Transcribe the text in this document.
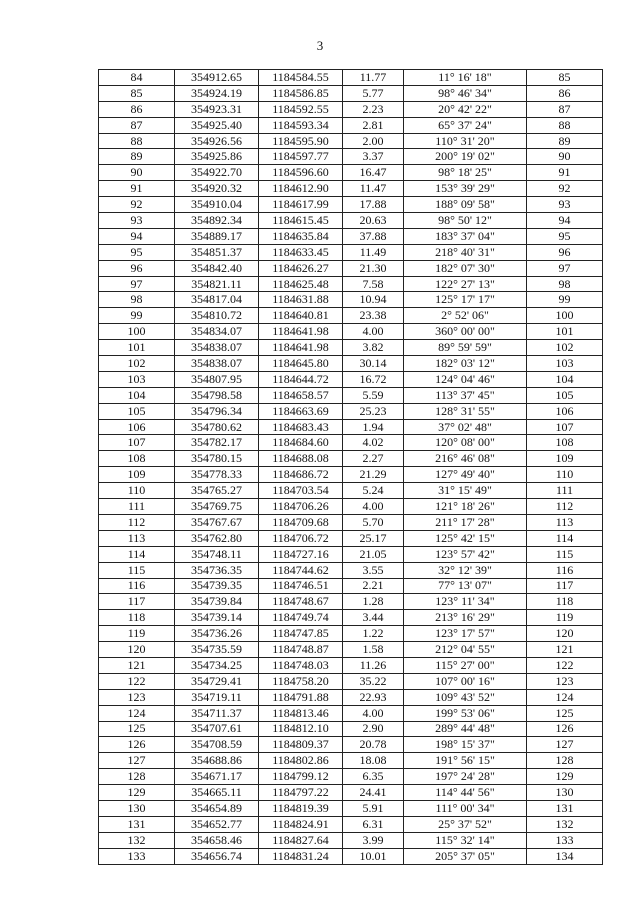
3
84	354912.65	1184584.55	11.77	11° 16' 18"	85
85	354924.19	1184586.85	5.77	98° 46' 34"	86
86	354923.31	1184592.55	2.23	20° 42' 22"	87
87	354925.40	1184593.34	2.81	65° 37' 24"	88
88	354926.56	1184595.90	2.00	110° 31' 20"	89
89	354925.86	1184597.77	3.37	200° 19' 02"	90
90	354922.70	1184596.60	16.47	98° 18' 25"	91
91	354920.32	1184612.90	11.47	153° 39' 29"	92
92	354910.04	1184617.99	17.88	188° 09' 58"	93
93	354892.34	1184615.45	20.63	98° 50' 12"	94
94	354889.17	1184635.84	37.88	183° 37' 04"	95
95	354851.37	1184633.45	11.49	218° 40' 31"	96
96	354842.40	1184626.27	21.30	182° 07' 30"	97
97	354821.11	1184625.48	7.58	122° 27' 13"	98
98	354817.04	1184631.88	10.94	125° 17' 17"	99
99	354810.72	1184640.81	23.38	2° 52' 06"	100
100	354834.07	1184641.98	4.00	360° 00' 00"	101
101	354838.07	1184641.98	3.82	89° 59' 59"	102
102	354838.07	1184645.80	30.14	182° 03' 12"	103
103	354807.95	1184644.72	16.72	124° 04' 46"	104
104	354798.58	1184658.57	5.59	113° 37' 45"	105
105	354796.34	1184663.69	25.23	128° 31' 55"	106
106	354780.62	1184683.43	1.94	37° 02' 48"	107
107	354782.17	1184684.60	4.02	120° 08' 00"	108
108	354780.15	1184688.08	2.27	216° 46' 08"	109
109	354778.33	1184686.72	21.29	127° 49' 40"	110
110	354765.27	1184703.54	5.24	31° 15' 49"	111
111	354769.75	1184706.26	4.00	121° 18' 26"	112
112	354767.67	1184709.68	5.70	211° 17' 28"	113
113	354762.80	1184706.72	25.17	125° 42' 15"	114
114	354748.11	1184727.16	21.05	123° 57' 42"	115
115	354736.35	1184744.62	3.55	32° 12' 39"	116
116	354739.35	1184746.51	2.21	77° 13' 07"	117
117	354739.84	1184748.67	1.28	123° 11' 34"	118
118	354739.14	1184749.74	3.44	213° 16' 29"	119
119	354736.26	1184747.85	1.22	123° 17' 57"	120
120	354735.59	1184748.87	1.58	212° 04' 55"	121
121	354734.25	1184748.03	11.26	115° 27' 00"	122
122	354729.41	1184758.20	35.22	107° 00' 16"	123
123	354719.11	1184791.88	22.93	109° 43' 52"	124
124	354711.37	1184813.46	4.00	199° 53' 06"	125
125	354707.61	1184812.10	2.90	289° 44' 48"	126
126	354708.59	1184809.37	20.78	198° 15' 37"	127
127	354688.86	1184802.86	18.08	191° 56' 15"	128
128	354671.17	1184799.12	6.35	197° 24' 28"	129
129	354665.11	1184797.22	24.41	114° 44' 56"	130
130	354654.89	1184819.39	5.91	111° 00' 34"	131
131	354652.77	1184824.91	6.31	25° 37' 52"	132
132	354658.46	1184827.64	3.99	115° 32' 14"	133
133	354656.74	1184831.24	10.01	205° 37' 05"	134
